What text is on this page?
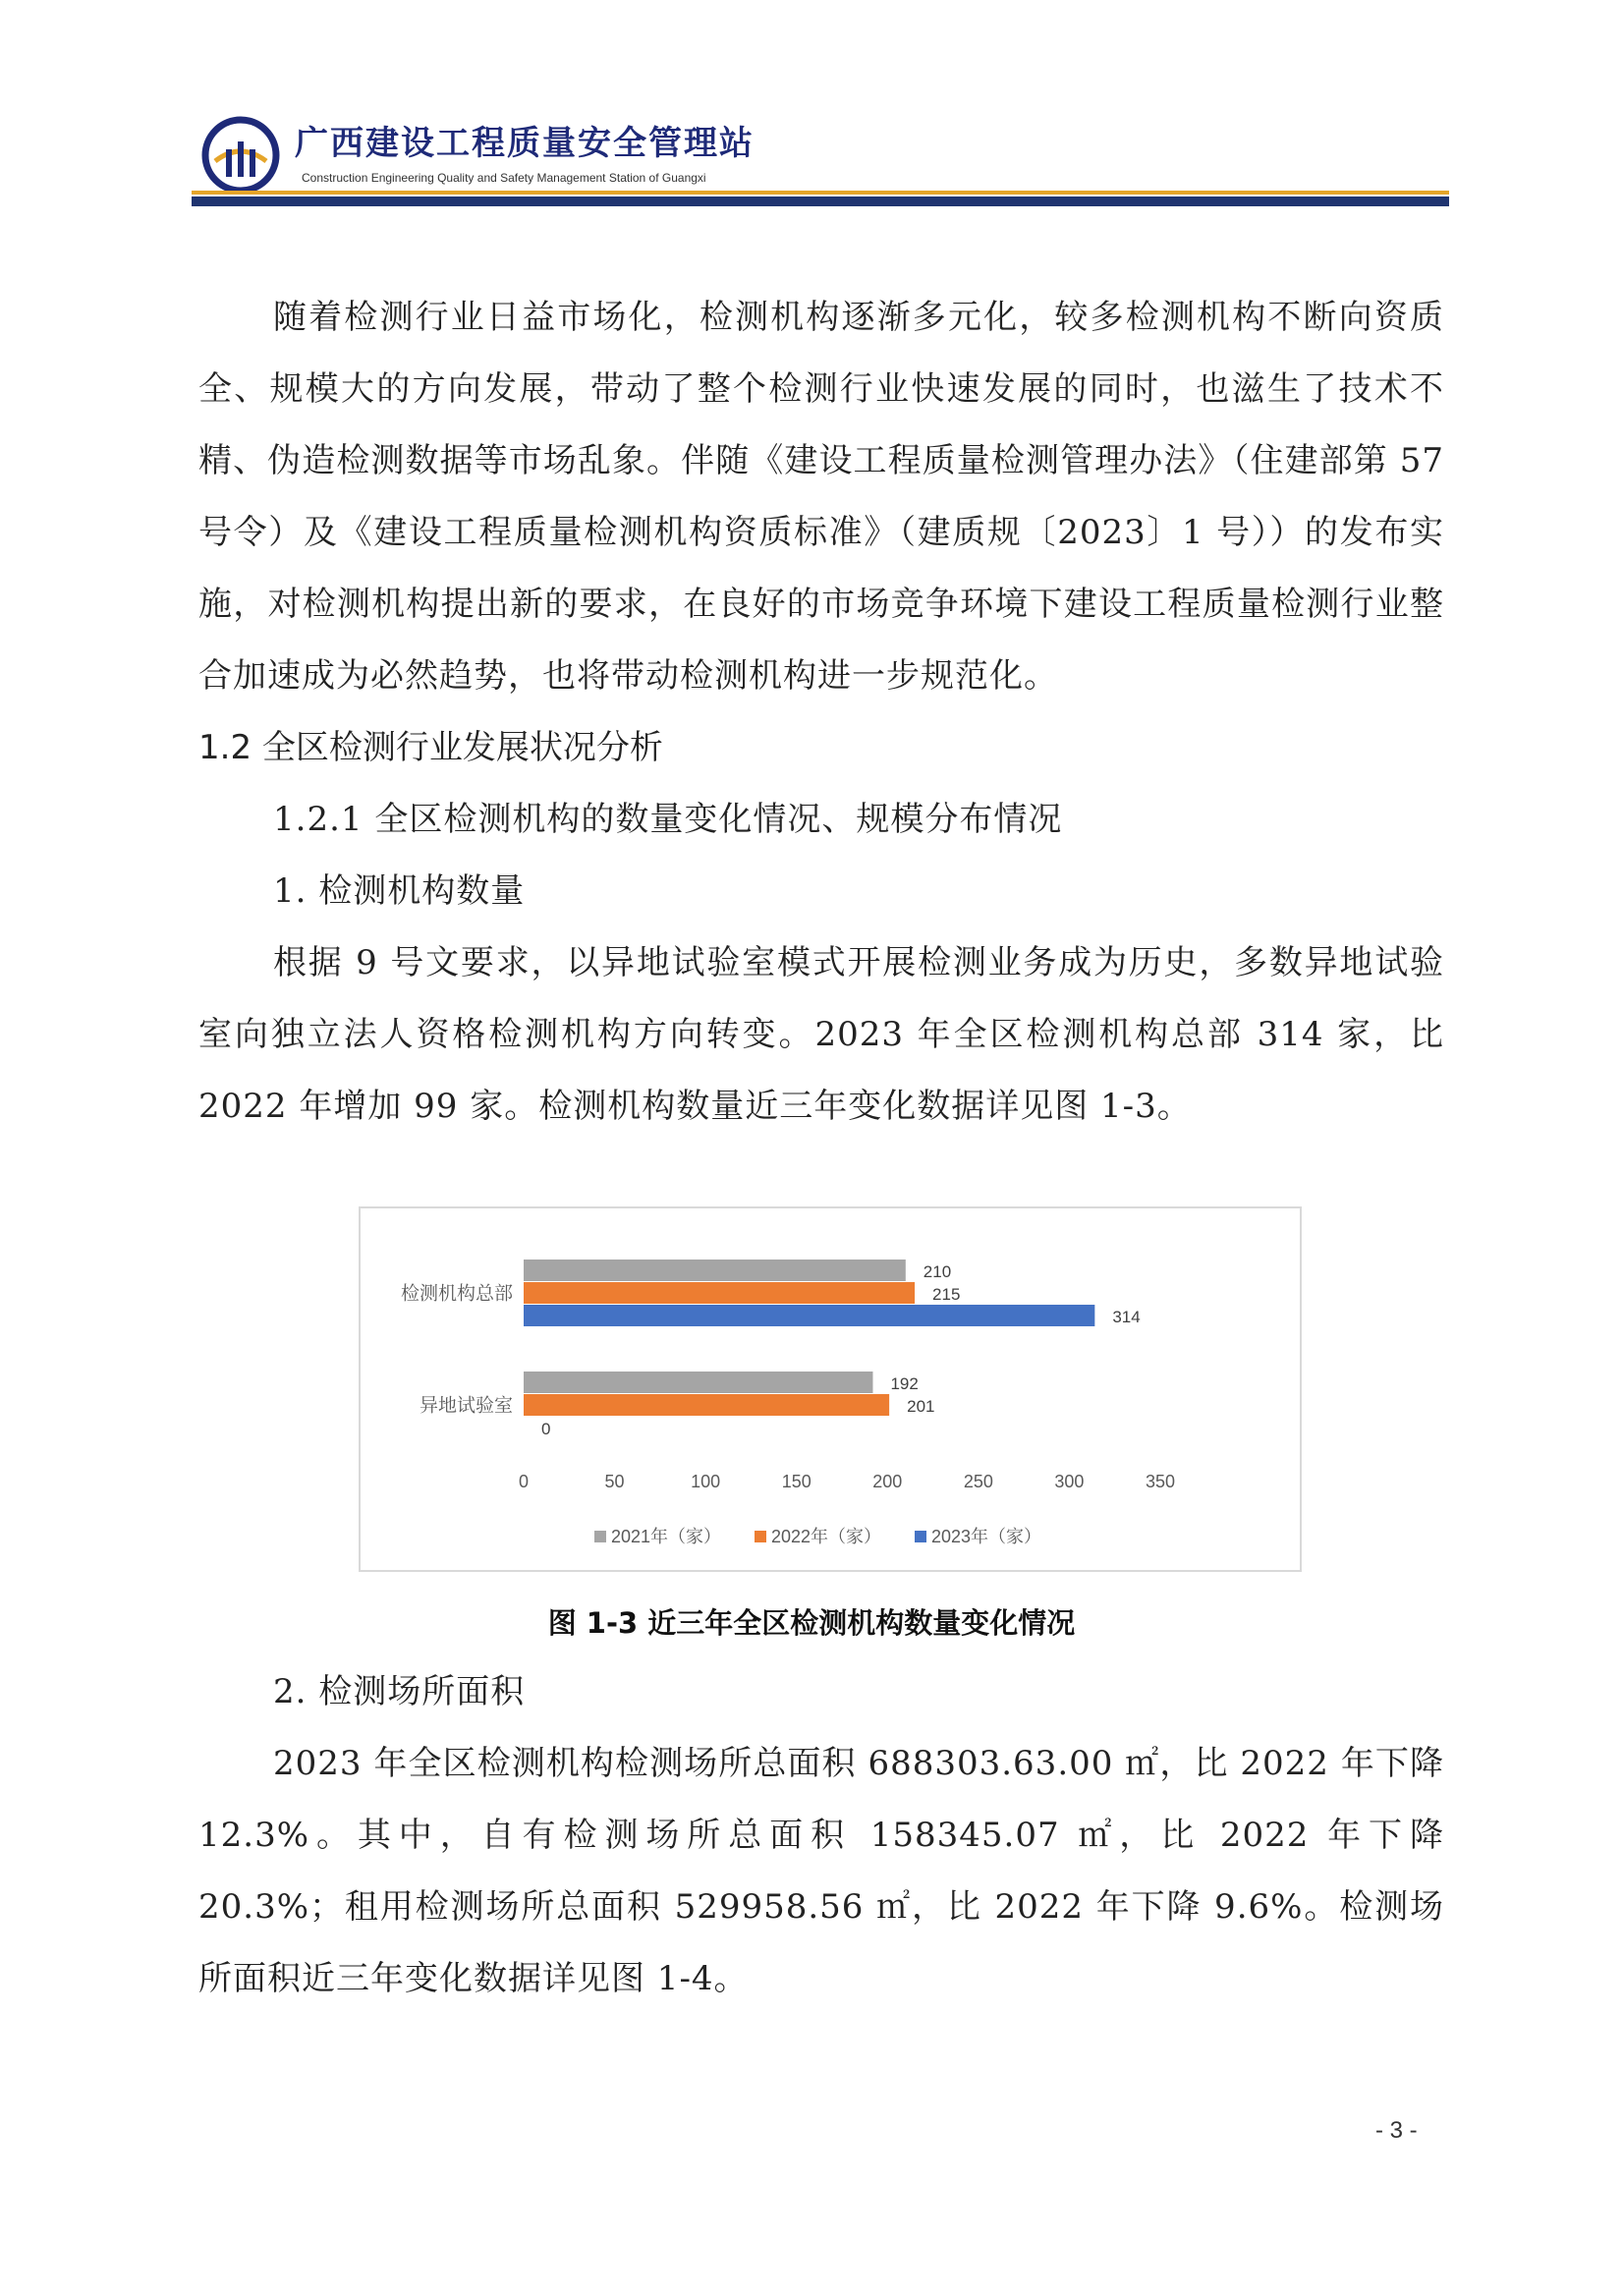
广西建设工程质量安全管理站
Construction Engineering Quality and Safety Management Station of Guangxi

随着检测行业日益市场化，检测机构逐渐多元化，较多检测机构不断向资质全、规模大的方向发展，带动了整个检测行业快速发展的同时，也滋生了技术不精、伪造检测数据等市场乱象。伴随《建设工程质量检测管理办法》（住建部第 57 号令）及《建设工程质量检测机构资质标准》（建质规〔2023〕1 号））的发布实施，对检测机构提出新的要求，在良好的市场竞争环境下建设工程质量检测行业整合加速成为必然趋势，也将带动检测机构进一步规范化。

1.2 全区检测行业发展状况分析

1.2.1 全区检测机构的数量变化情况、规模分布情况

1. 检测机构数量

根据 9 号文要求，以异地试验室模式开展检测业务成为历史，多数异地试验室向独立法人资格检测机构方向转变。2023 年全区检测机构总部 314 家，比 2022 年增加 99 家。检测机构数量近三年变化数据详见图 1-3。

检测机构总部
210
215
314
异地试验室
192
201
0
0	50	100	150	200	250	300	350
2021年（家）	2022年（家）	2023年（家）
图 1-3 近三年全区检测机构数量变化情况

2. 检测场所面积

2023 年全区检测机构检测场所总面积 688303.63.00 ㎡，比 2022 年下降 12.3%。其中，自有检测场所总面积 158345.07 ㎡，比 2022 年下降 20.3%；租用检测场所总面积 529958.56 ㎡，比 2022 年下降 9.6%。检测场所面积近三年变化数据详见图 1-4。

- 3 -
